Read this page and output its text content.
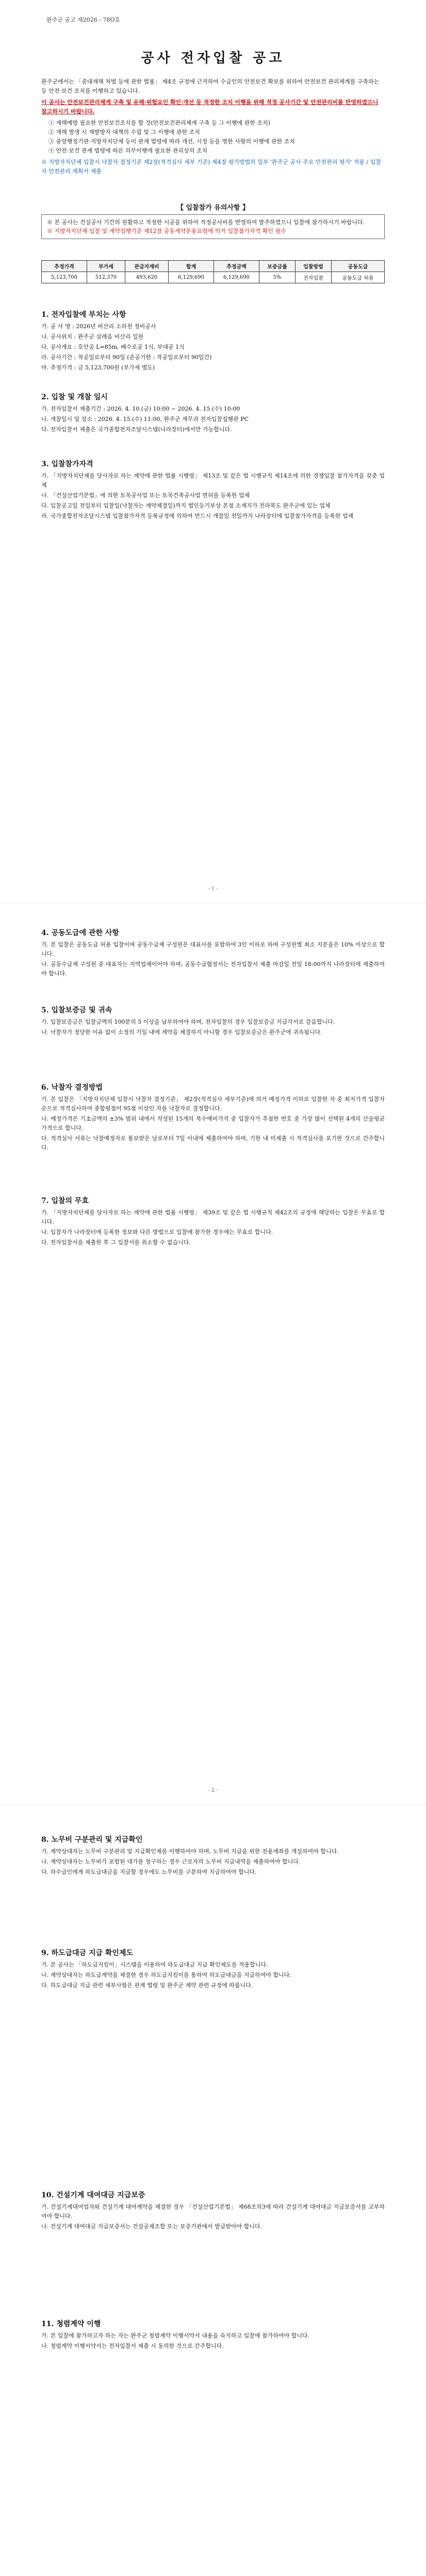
완주군 공고 제2026 - 78O호
공사 전자입찰 공고

완주군에서는 「중대재해 처벌 등에 관한 법률」 제4조 규정에 근거하여 수급인의 안전보건 확보를 위하여 안전보건 관리체계를 구축하는 등 안전·보건 조치를 이행하고 있습니다.

이 공사는 안전보건관리체계 구축 및 유해·위험요인 확인·개선 등 적정한 조치 이행을 위해 적정 공사기간 및 안전관리비를 반영하였으니 참고하시기 바랍니다.

① 재해예방 필요한 안전보건조치를 할 것(안전보건관리체계 구축 등 그 이행에 관한 조치)
② 재해 발생 시 재발방지 대책의 수립 및 그 이행에 관한 조치
③ 중앙행정기관·지방자치단체 등이 관계 법령에 따라 개선, 시정 등을 명한 사항의 이행에 관한 조치
④ 안전·보건 관계 법령에 따른 의무이행에 필요한 관리상의 조치

※ 지방자치단체 입찰시 낙찰자 결정기준 제2장(적격심사 세부 기준) 제4절 평가방법의 일부 '완주군 공사 주요 안전관리 평가' 적용 / 입찰자 안전관리 계획서 제출

【 입찰참가 유의사항 】
※ 본 공사는 건설공사 기간의 원활하고 적정한 시공을 위하여 적정공사비를 반영하여 발주하였으니 입찰에 참가하시기 바랍니다.
※ 지방자치단체 입찰 및 계약집행기준 제12장 공동계약운용요령에 의거 입찰참가자격 확인 필수
추정가격	부가세	관급자재비	합계	추정금액	보증금률	입찰방법	공동도급
5,123,700	512,370	493,620	6,129,690	6,129,690	5%	전자입찰	공동도급 허용
1. 전자입찰에 부치는 사항

가. 공 사 명 : 2026년 비산리 소하천 정비공사

나. 공사위치 : 완주군 삼례읍 비산리 일원

다. 공사개요 : 호안공 L=85m, 배수로공 1식, 부대공 1식

라. 공사기간 : 착공일로부터 90일 (준공기한 : 착공일로부터 90일간)

마. 추정가격 : 금 5,123,700원 (부가세 별도)

2. 입찰 및 개찰 일시

가. 전자입찰서 제출기간 : 2026. 4. 10.(금) 10:00 ~ 2026. 4. 15.(수) 10:00

나. 개찰일시 및 장소 : 2026. 4. 15.(수) 11:00, 완주군 재무과 전자입찰집행관 PC

다. 전자입찰서 제출은 국가종합전자조달시스템(나라장터)에서만 가능합니다.

3. 입찰참가자격

가. 「지방자치단체를 당사자로 하는 계약에 관한 법률 시행령」 제13조 및 같은 법 시행규칙 제14조에 의한 경쟁입찰 참가자격을 갖춘 업체

나. 「건설산업기본법」에 의한 토목공사업 또는 토목건축공사업 면허를 등록한 업체

다. 입찰공고일 전일부터 입찰일(낙찰자는 계약체결일)까지 법인등기부상 본점 소재지가 전라북도 완주군에 있는 업체

라. 국가종합전자조달시스템 입찰참가자격 등록규정에 의하여 반드시 개찰일 전일까지 나라장터에 입찰참가자격을 등록한 업체

- 1 -
4. 공동도급에 관한 사항

가. 본 입찰은 공동도급 허용 입찰이며 공동수급체 구성원은 대표사를 포함하여 3인 이하로 하며 구성원별 최소 지분율은 10% 이상으로 합니다.

나. 공동수급체 구성원 중 대표자는 지역업체이어야 하며, 공동수급협정서는 전자입찰서 제출 마감일 전일 18:00까지 나라장터에 제출하여야 합니다.

5. 입찰보증금 및 귀속

가. 입찰보증금은 입찰금액의 100분의 5 이상을 납부하여야 하며, 전자입찰의 경우 입찰보증금 지급각서로 갈음합니다.

나. 낙찰자가 정당한 이유 없이 소정의 기일 내에 계약을 체결하지 아니할 경우 입찰보증금은 완주군에 귀속됩니다.

6. 낙찰자 결정방법

가. 본 입찰은 「지방자치단체 입찰시 낙찰자 결정기준」 제2장(적격심사 세부기준)에 의거 예정가격 이하로 입찰한 자 중 최저가격 입찰자 순으로 적격심사하여 종합평점이 95점 이상인 자를 낙찰자로 결정합니다.

나. 예정가격은 기초금액의 ±3% 범위 내에서 작성된 15개의 복수예비가격 중 입찰자가 추첨한 번호 중 가장 많이 선택된 4개의 산술평균가격으로 합니다.

다. 적격심사 서류는 낙찰예정자로 통보받은 날로부터 7일 이내에 제출하여야 하며, 기한 내 미제출 시 적격심사를 포기한 것으로 간주합니다.

7. 입찰의 무효

가. 「지방자치단체를 당사자로 하는 계약에 관한 법률 시행령」 제39조 및 같은 법 시행규칙 제42조의 규정에 해당하는 입찰은 무효로 합니다.

나. 입찰자가 나라장터에 등록한 정보와 다른 방법으로 입찰에 참가한 경우에는 무효로 합니다.

다. 전자입찰서를 제출한 후 그 입찰서를 취소할 수 없습니다.

- 2 -
8. 노무비 구분관리 및 지급확인

가. 계약상대자는 노무비 구분관리 및 지급확인제를 이행하여야 하며, 노무비 지급을 위한 전용계좌를 개설하여야 합니다.

나. 계약상대자는 노무비가 포함된 대가를 청구하는 경우 근로자의 노무비 지급내역을 제출하여야 합니다.

다. 하수급인에게 하도급대금을 지급할 경우에도 노무비를 구분하여 지급하여야 합니다.

9. 하도급대금 지급 확인제도

가. 본 공사는 「하도급지킴이」시스템을 이용하여 하도급대금 지급 확인제도를 적용합니다.

나. 계약상대자는 하도급계약을 체결한 경우 하도급지킴이를 통하여 하도급대금을 지급하여야 합니다.

다. 하도급대금 지급 관련 세부사항은 관계 법령 및 완주군 계약 관련 규정에 따릅니다.

10. 건설기계 대여대금 지급보증

가. 건설기계대여업자와 건설기계 대여계약을 체결한 경우 「건설산업기본법」 제68조의3에 따라 건설기계 대여대금 지급보증서를 교부하여야 합니다.

나. 건설기계 대여대금 지급보증서는 건설공제조합 또는 보증기관에서 발급받아야 합니다.

11. 청렴계약 이행

가. 본 입찰에 참가하고자 하는 자는 완주군 청렴계약 이행서약서 내용을 숙지하고 입찰에 참가하여야 합니다.

나. 청렴계약 이행서약서는 전자입찰서 제출 시 동의한 것으로 간주합니다.
